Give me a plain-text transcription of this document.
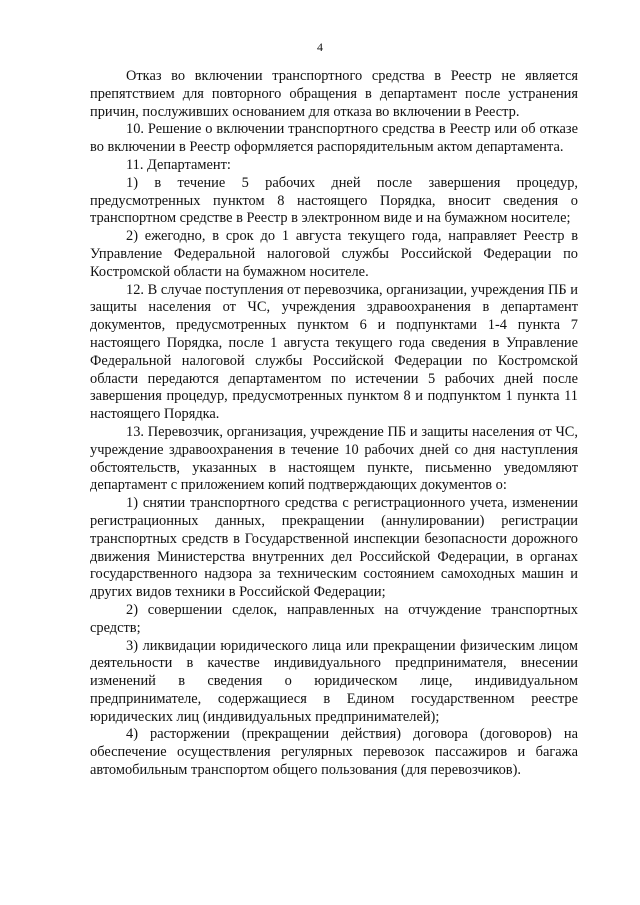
4

Отказ во включении транспортного средства в Реестр не является препятствием для повторного обращения в департамент после устранения причин, послуживших основанием для отказа во включении в Реестр.

10. Решение о включении транспортного средства в Реестр или об отказе во включении в Реестр оформляется распорядительным актом департамента.

11. Департамент:

1) в течение 5 рабочих дней после завершения процедур, предусмотренных пунктом 8 настоящего Порядка, вносит сведения о транспортном средстве в Реестр в электронном виде и на бумажном носителе;

2) ежегодно, в срок до 1 августа текущего года, направляет Реестр в Управление Федеральной налоговой службы Российской Федерации по Костромской области на бумажном носителе.

12. В случае поступления от перевозчика, организации, учреждения ПБ и защиты населения от ЧС, учреждения здравоохранения в департамент документов, предусмотренных пунктом 6 и подпунктами 1-4 пункта 7 настоящего Порядка, после 1 августа текущего года сведения в Управление Федеральной налоговой службы Российской Федерации по Костромской области передаются департаментом по истечении 5 рабочих дней после завершения процедур, предусмотренных пунктом 8 и подпунктом 1 пункта 11 настоящего Порядка.

13. Перевозчик, организация, учреждение ПБ и защиты населения от ЧС, учреждение здравоохранения в течение 10 рабочих дней со дня наступления обстоятельств, указанных в настоящем пункте, письменно уведомляют департамент с приложением копий подтверждающих документов о:

1) снятии транспортного средства с регистрационного учета, изменении регистрационных данных, прекращении (аннулировании) регистрации транспортных средств в Государственной инспекции безопасности дорожного движения Министерства внутренних дел Российской Федерации, в органах государственного надзора за техническим состоянием самоходных машин и других видов техники в Российской Федерации;

2) совершении сделок, направленных на отчуждение транспортных средств;

3) ликвидации юридического лица или прекращении физическим лицом деятельности в качестве индивидуального предпринимателя, внесении изменений в сведения о юридическом лице, индивидуальном предпринимателе, содержащиеся в Едином государственном реестре юридических лиц (индивидуальных предпринимателей);

4) расторжении (прекращении действия) договора (договоров) на обеспечение осуществления регулярных перевозок пассажиров и багажа автомобильным транспортом общего пользования (для перевозчиков).
